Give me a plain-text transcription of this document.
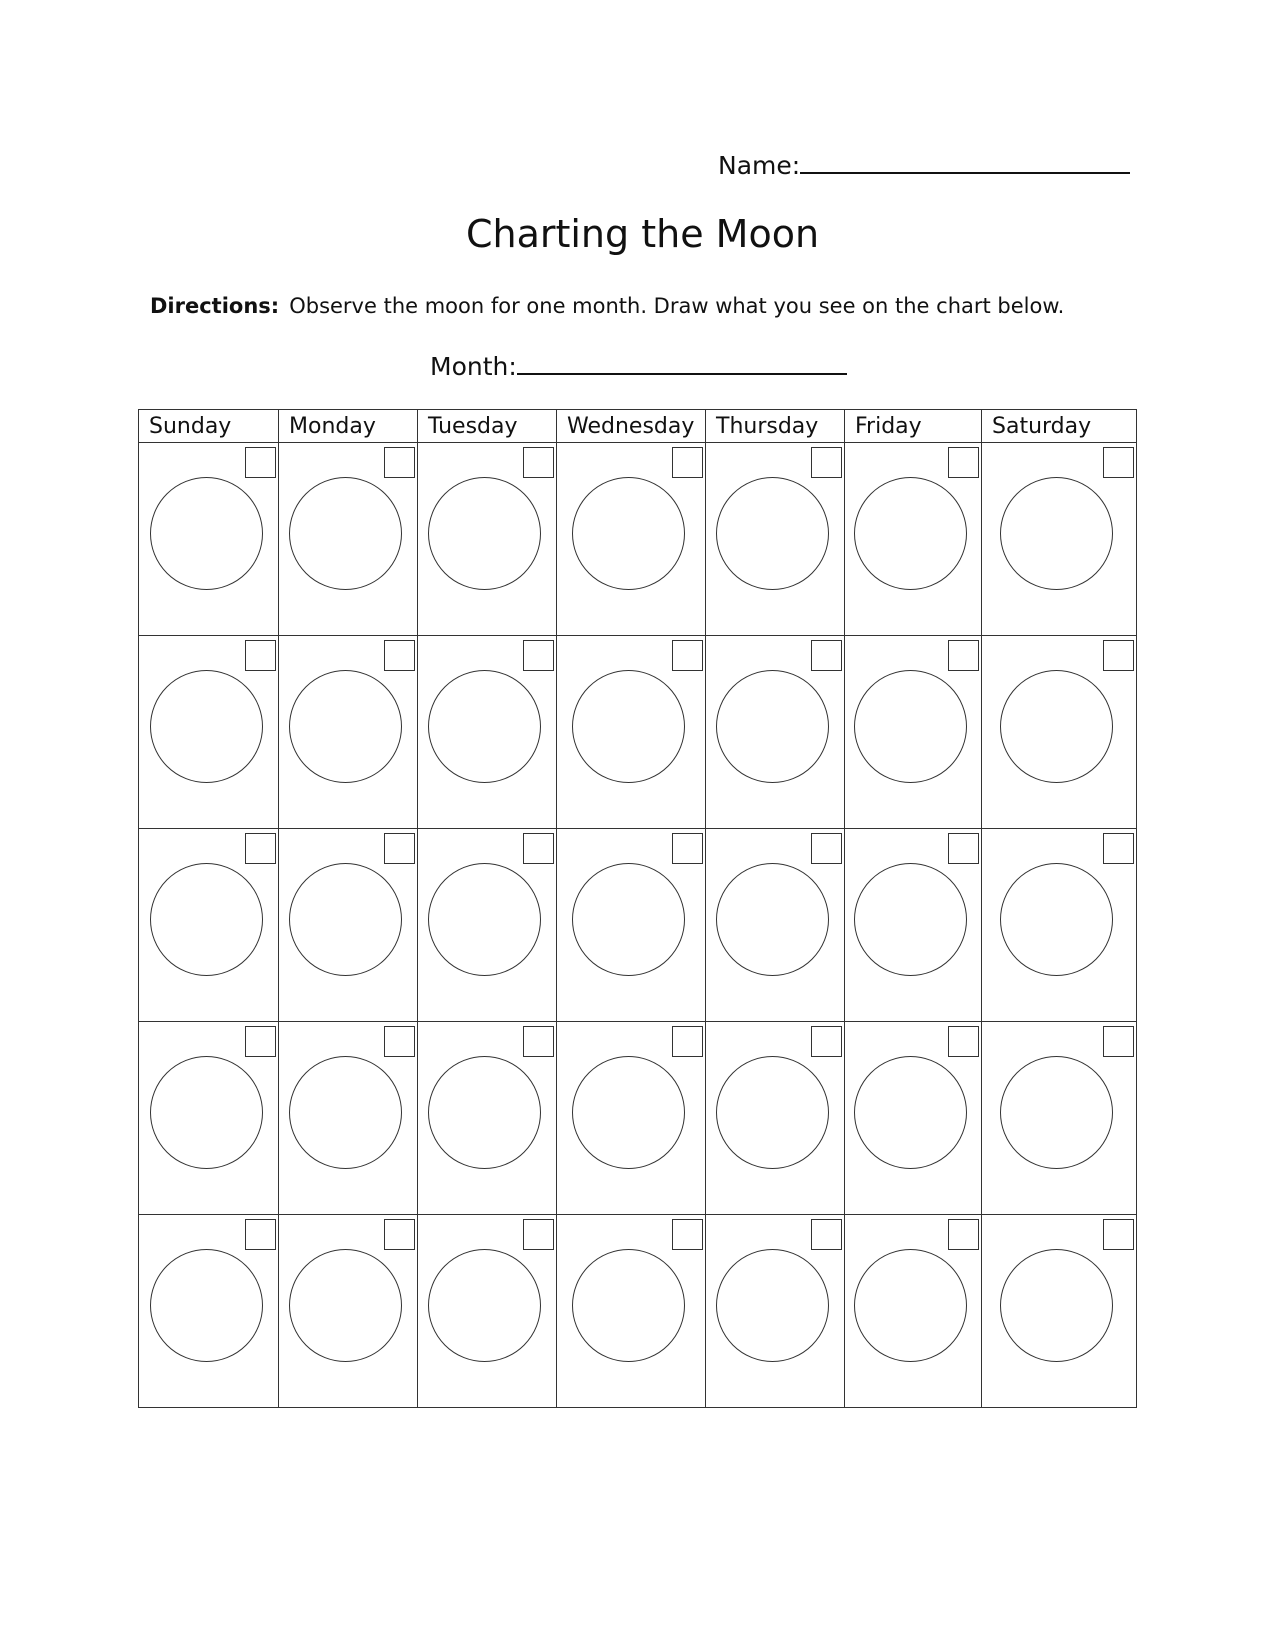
Name:
Charting the Moon
Directions: Observe the moon for one month. Draw what you see on the chart below.
Month:
Sunday	Monday	Tuesday	Wednesday	Thursday	Friday	Saturday
